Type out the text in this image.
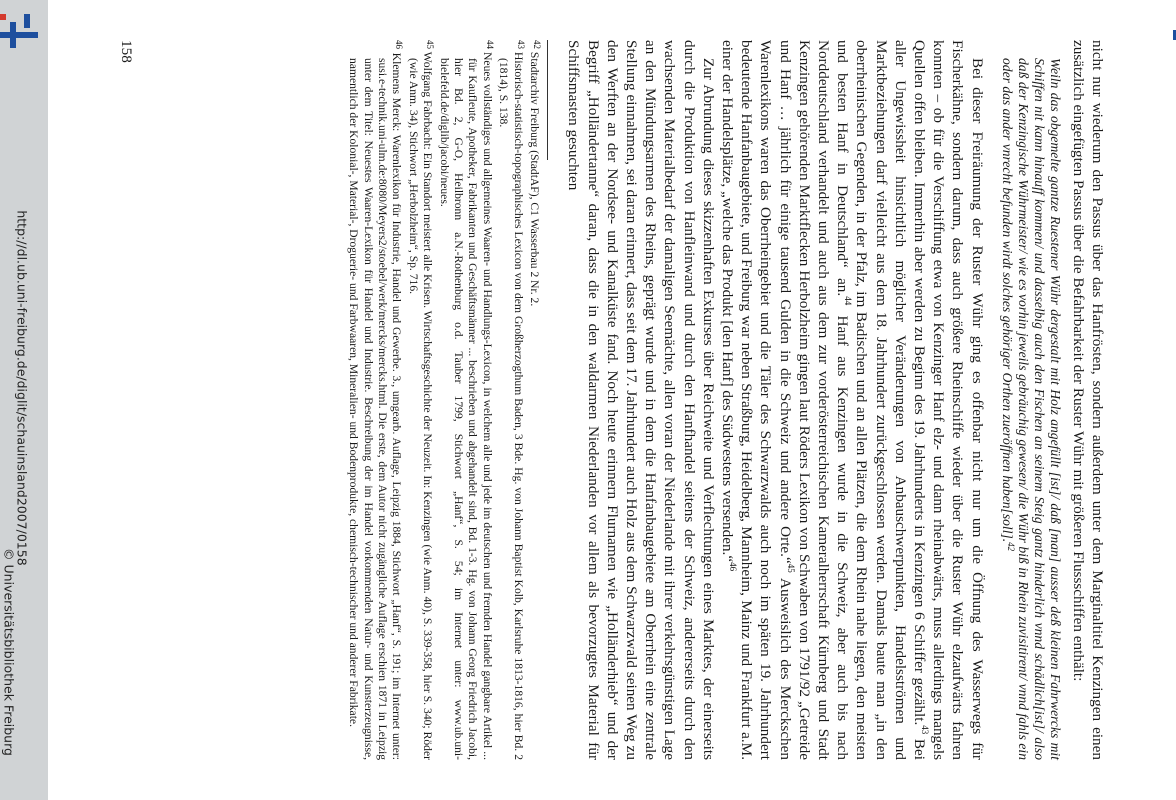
http://dl.ub.uni-freiburg.de/diglit/schauinsland2007/0158
© Universitätsbibliothek Freiburg	nicht nur wiederum den Passus über das Hanfrösten, sondern außerdem unter dem Marginaltitel Kenzingen einen zusätzlich eingefügten Passus über die Befahrbarkeit der Ruster Wühr mit größeren Flussschiffen enthält:

Weiln das obgemelte gantze Ruestener Wühr dergestalt mit Holz angefüllt [ist]/ daß [man] ausser deß kleinen Fahrwercks mit Schiffen nit kann hinauff kommen/ und dasselbig auch den Fischen an seinem Steig gantz hinderlich vnnd schädlich[ist]/ also daß der Kenzingische Wührmeister/ wie es vorhin jeweils gebräuchig gewesen/ die Wühr biß in Rhein zuvisitirent/ vnnd fahls ein oder das ander vnrecht befunden wirdt solches gehöriger Orthen zueröffnen haben[soll].$^{42}$

Bei dieser Freiräumung der Ruster Wühr ging es offenbar nicht nur um die Öffnung des Wasserwegs für Fischerkähne, sondern darum, dass auch größere Rheinschiffe wieder über die Ruster Wühr elzaufwärts fahren konnten – ob für die Verschiffung etwa von Kenzinger Hanf elz- und dann rheinabwärts, muss allerdings mangels Quellen offen bleiben. Immerhin aber werden zu Beginn des 19. Jahrhunderts in Kenzingen 6 Schiffer gezählt.$^{43}$ Bei aller Ungewissheit hinsichtlich möglicher Veränderungen von Anbauschwerpunkten, Handelsströmen und Marktbeziehungen darf vielleicht aus dem 18. Jahrhundert zurückgeschlossen werden. Damals baute man „in den oberrheinischen Gegenden, in der Pfalz, im Badischen und an allen Plätzen, die dem Rhein nahe liegen, den meisten und besten Hanf in Deutschland“ an.$^{44}$ Hanf aus Kenzingen wurde in die Schweiz, aber auch bis nach Norddeutschland verhandelt und auch aus dem zur vorderösterreichischen Kameralherrschaft Kürnberg und Stadt Kenzingen gehörenden Marktflecken Herbolzheim gingen laut Röders Lexikon von Schwaben von 1791/92 „Getreide und Hanf … jährlich für einige tausend Gulden in die Schweiz und andere Orte.“$^{45}$ Ausweislich des Merckschen Warenlexikons waren das Oberrheingebiet und die Täler des Schwarzwalds auch noch im späten 19. Jahrhundert bedeutende Hanfanbaugebiete, und Freiburg war neben Straßburg, Heidelberg, Mannheim, Mainz und Frankfurt a.M. einer der Handelsplätze, „welche das Produkt [den Hanf] des Südwestens versenden.“$^{46}$

Zur Abrundung dieses skizzenhaften Exkurses über Reichweite und Verflechtungen eines Marktes, der einerseits durch die Produktion von Hanfleinwand und durch den Hanfhandel seitens der Schweiz, andererseits durch den wachsenden Materialbedarf der damaligen Seemächte, allen voran der Niederlande mit ihrer verkehrsgünstigen Lage an den Mündungsarmen des Rheins, geprägt wurde und in dem die Hanfanbaugebiete am Oberrhein eine zentrale Stellung einnahmen, sei daran erinnert, dass seit dem 17. Jahrhundert auch Holz aus dem Schwarzwald seinen Weg zu den Werften an der Nordsee- und Kanalküste fand. Noch heute erinnern Flurnamen wie „Holländerhieb“ und der Begriff „Holländertanne“ daran, dass die in den waldarmen Niederlanden vor allem als bevorzugtes Material für Schiffsmasten gesuchten

$^{42}$ Stadtarchiv Freiburg (StadtAF), C1 Wasserbau 2 Nr. 2.

$^{43}$ Historisch-statistisch-topographisches Lexicon von dem Großherzogthum Baden, 3 Bde. Hg. von Johann Baptist Kolb, Karlsruhe 1813-1816, hier Bd. 2 (1814), S. 138.

$^{44}$ Neues vollständiges und allgemeines Waaren- und Handlungs-Lexicon, in welchem alle und jede im deutschen und fremden Handel gangbare Artikel ... für Kaufleute, Apotheker, Fabrikanten und Geschäftsmänner ... beschrieben und abgehandelt sind, Bd. 1-3. Hg. von Johann Georg Friedrich Jacobi, hier Bd. 2, G-O, Heilbronn a.N.-Rothenburg o.d. Tauber 1799, Stichwort „Hanf“, S. 54; im Internet unter: www.ub.uni-bielefeld.de/diglib/jacobi/neues.

$^{45}$ Wolfgang Fabrbacht: Ein Standort meistert alle Krisen. Wirtschaftsgeschichte der Neuzeit. In: Kenzingen (wie Anm. 40), S. 339-358, hier S. 340; Röder (wie Anm. 34), Stichwort „Herbolzheim“, Sp. 716.

$^{46}$ Klemens Merck: Warenlexikon für Industrie, Handel und Gewerbe. 3., umgearb. Auflage, Leipzig 1884, Stichwort „Hanf“, S. 191; im Internet unter: susi.e-technik.uni-ulm.de:8080/Meyers2/stoebel/werk/mercks/mercks.html. Die erste, dem Autor nicht zugängliche Auflage erschien 1871 in Leipzig unter dem Titel: Neuestes Waaren-Lexikon für Handel und Industrie. Beschreibung der im Handel vorkommenden Natur- und Kunsterzeugnisse, namentlich der Kolonial-, Material-, Droguerie- und Farbwaaren, Mineralien- und Bodenprodukte, chemisch-technischer und anderer Fabrikate.

158
